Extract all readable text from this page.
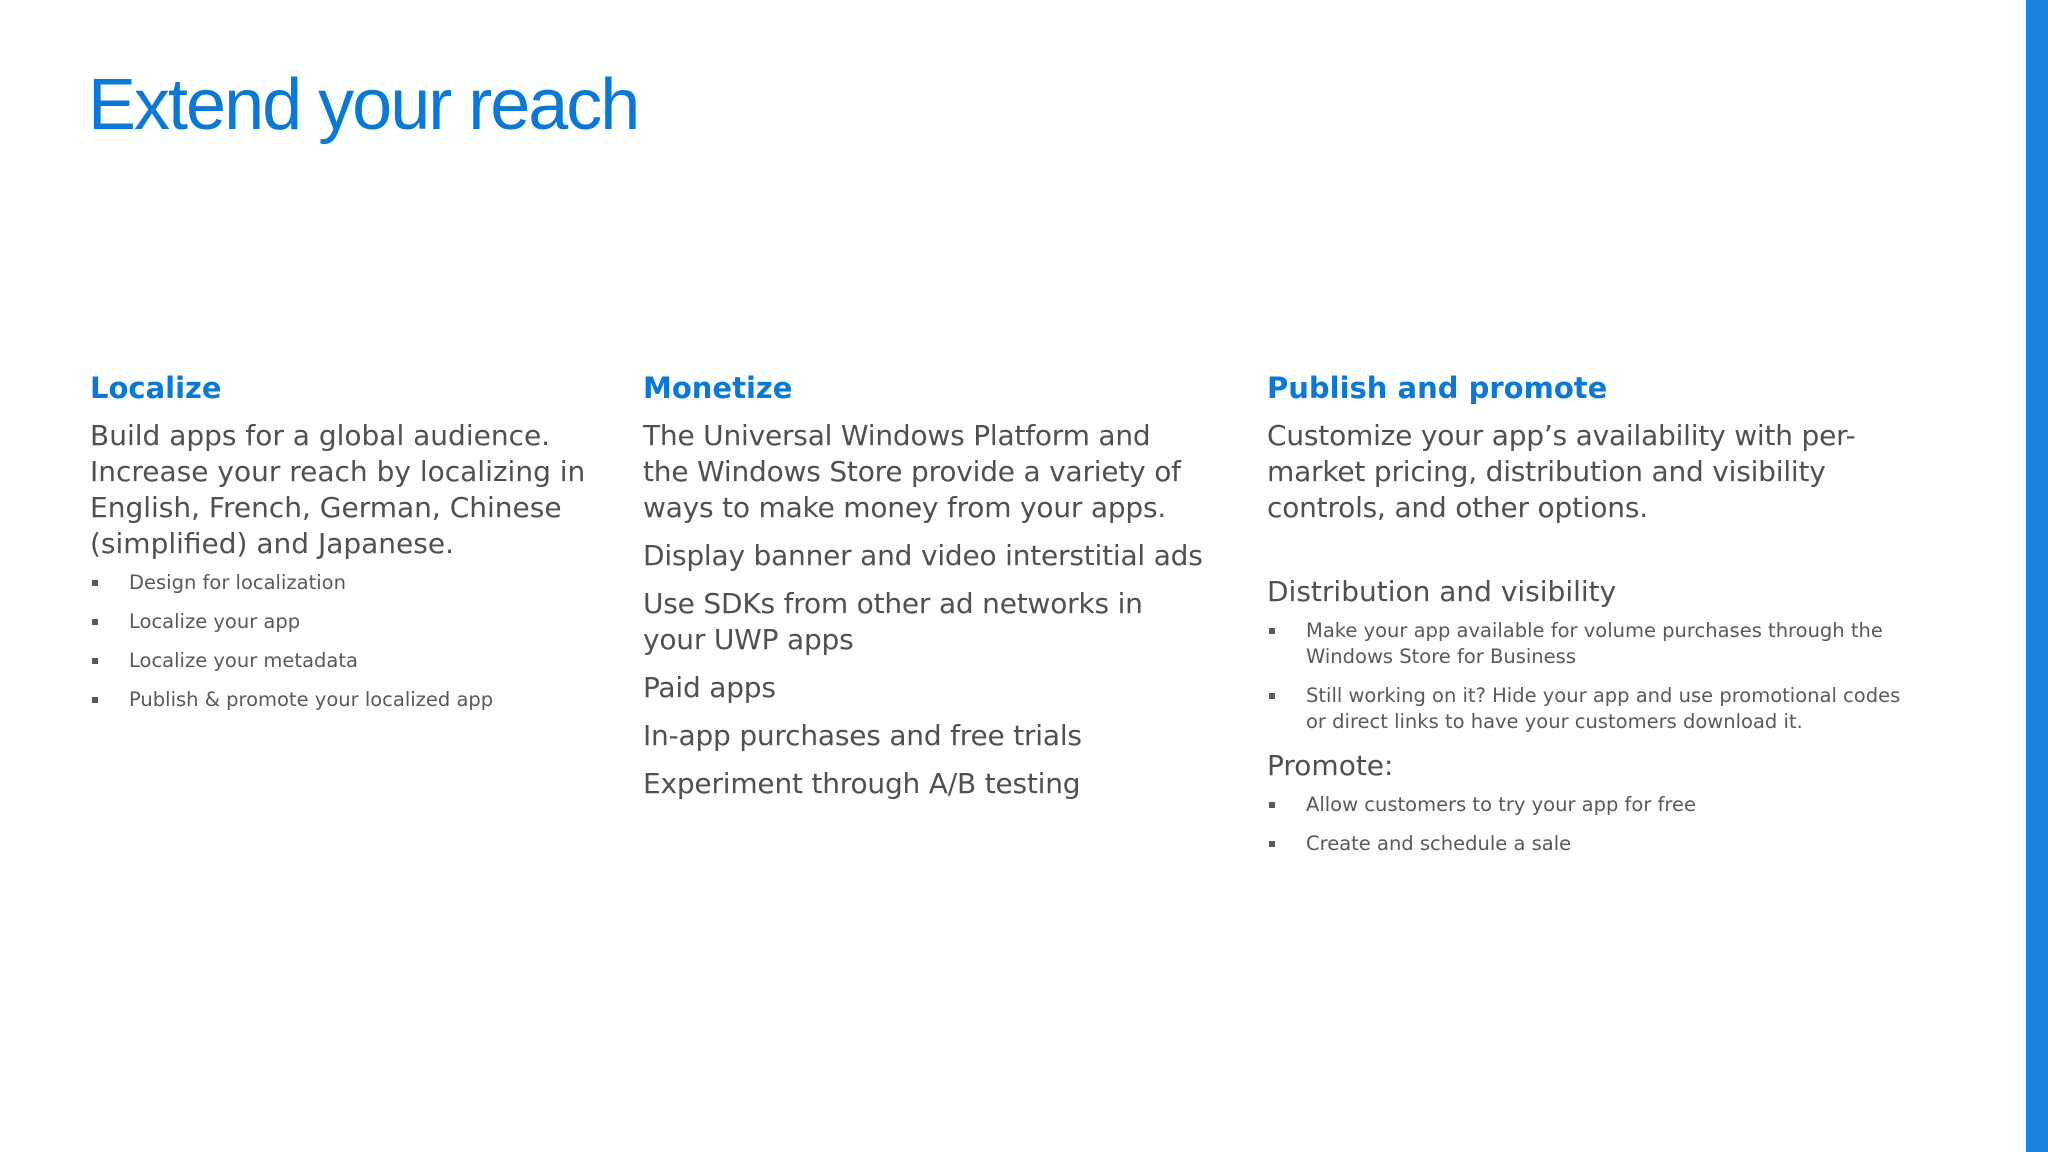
Extend your reach
Localize

Build apps for a global audience. Increase your reach by localizing in English, French, German, Chinese (simplified) and Japanese.

Design for localization
Localize your app
Localize your metadata
Publish & promote your localized app
Monetize

The Universal Windows Platform and the Windows Store provide a variety of ways to make money from your apps.

Display banner and video interstitial ads

Use SDKs from other ad networks in your UWP apps

Paid apps

In-app purchases and free trials

Experiment through A/B testing

Publish and promote

Customize your app’s availability with per-market pricing, distribution and visibility controls, and other options.

Distribution and visibility

Make your app available for volume purchases through the Windows Store for Business
Still working on it? Hide your app and use promotional codes or direct links to have your customers download it.

Promote:

Allow customers to try your app for free
Create and schedule a sale
